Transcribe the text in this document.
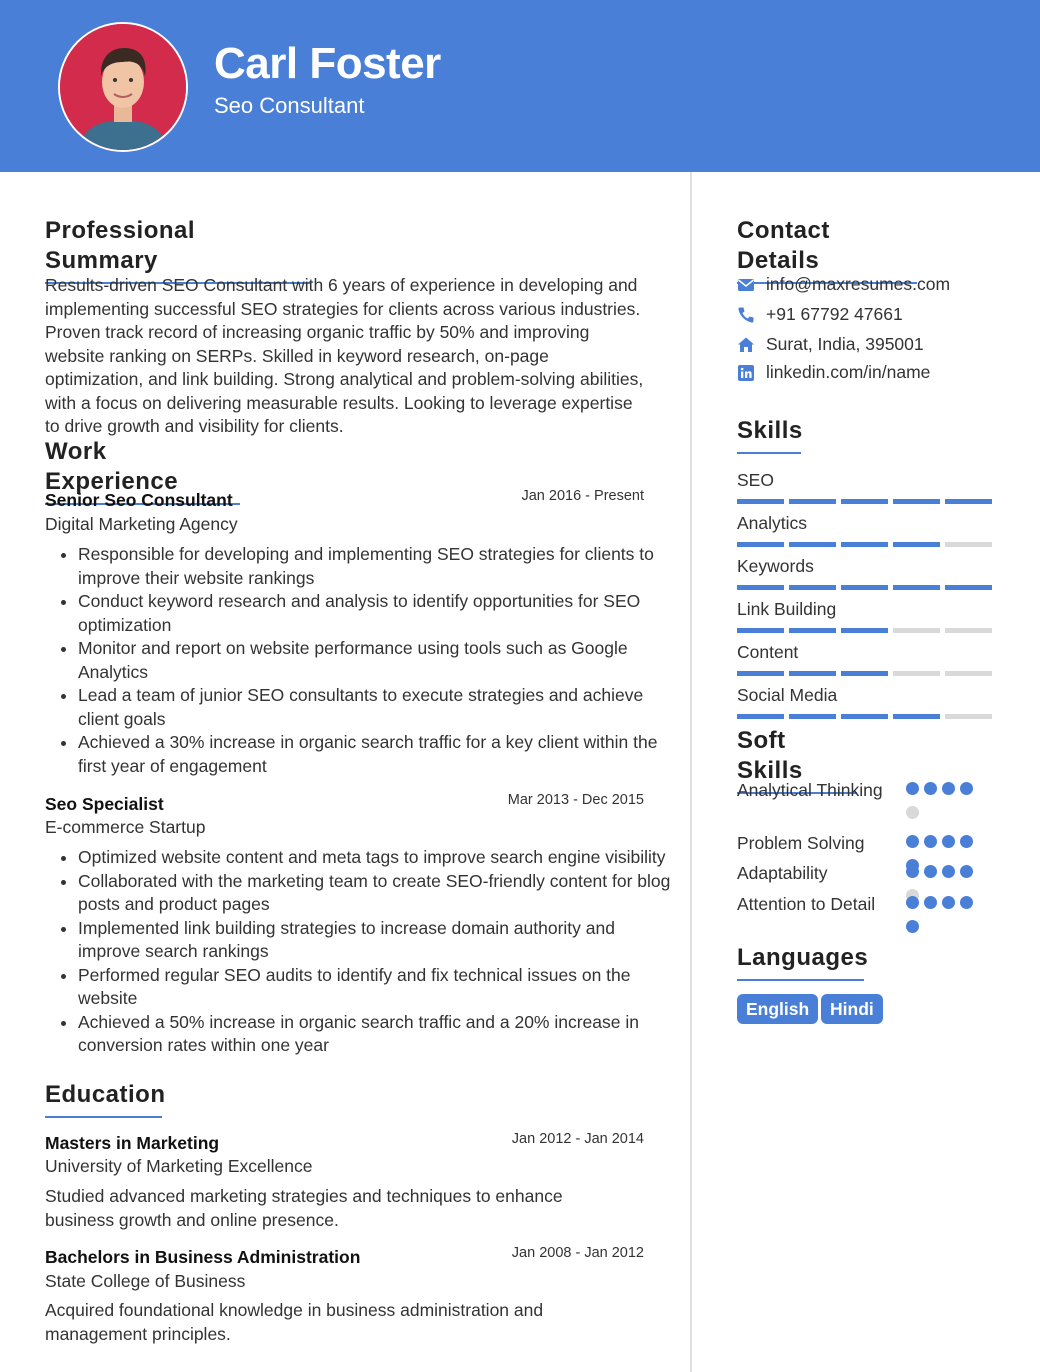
Carl Foster
Seo Consultant
Professional Summary
Results-driven SEO Consultant with 6 years of experience in developing and implementing successful SEO strategies for clients across various industries. Proven track record of increasing organic traffic by 50% and improving website ranking on SERPs. Skilled in keyword research, on-page optimization, and link building. Strong analytical and problem-solving abilities, with a focus on delivering measurable results. Looking to leverage expertise to drive growth and visibility for clients.
Work Experience
Senior Seo Consultant	Jan 2016 - Present
Digital Marketing Agency
• Responsible for developing and implementing SEO strategies for clients to improve their website rankings
• Conduct keyword research and analysis to identify opportunities for SEO optimization
• Monitor and report on website performance using tools such as Google Analytics
• Lead a team of junior SEO consultants to execute strategies and achieve client goals
• Achieved a 30% increase in organic search traffic for a key client within the first year of engagement
Seo Specialist	Mar 2013 - Dec 2015
E-commerce Startup
• Optimized website content and meta tags to improve search engine visibility
• Collaborated with the marketing team to create SEO-friendly content for blog posts and product pages
• Implemented link building strategies to increase domain authority and improve search rankings
• Performed regular SEO audits to identify and fix technical issues on the website
• Achieved a 50% increase in organic search traffic and a 20% increase in conversion rates within one year
Education
Masters in Marketing	Jan 2012 - Jan 2014
University of Marketing Excellence
Studied advanced marketing strategies and techniques to enhance business growth and online presence.
Bachelors in Business Administration	Jan 2008 - Jan 2012
State College of Business
Acquired foundational knowledge in business administration and management principles.
Contact Details
info@maxresumes.com
+91 67792 47661
Surat, India, 395001
linkedin.com/in/name
Skills
SEO
Analytics
Keywords
Link Building
Content
Social Media
Soft Skills
Analytical Thinking
Problem Solving
Adaptability
Attention to Detail
Languages
English	Hindi
